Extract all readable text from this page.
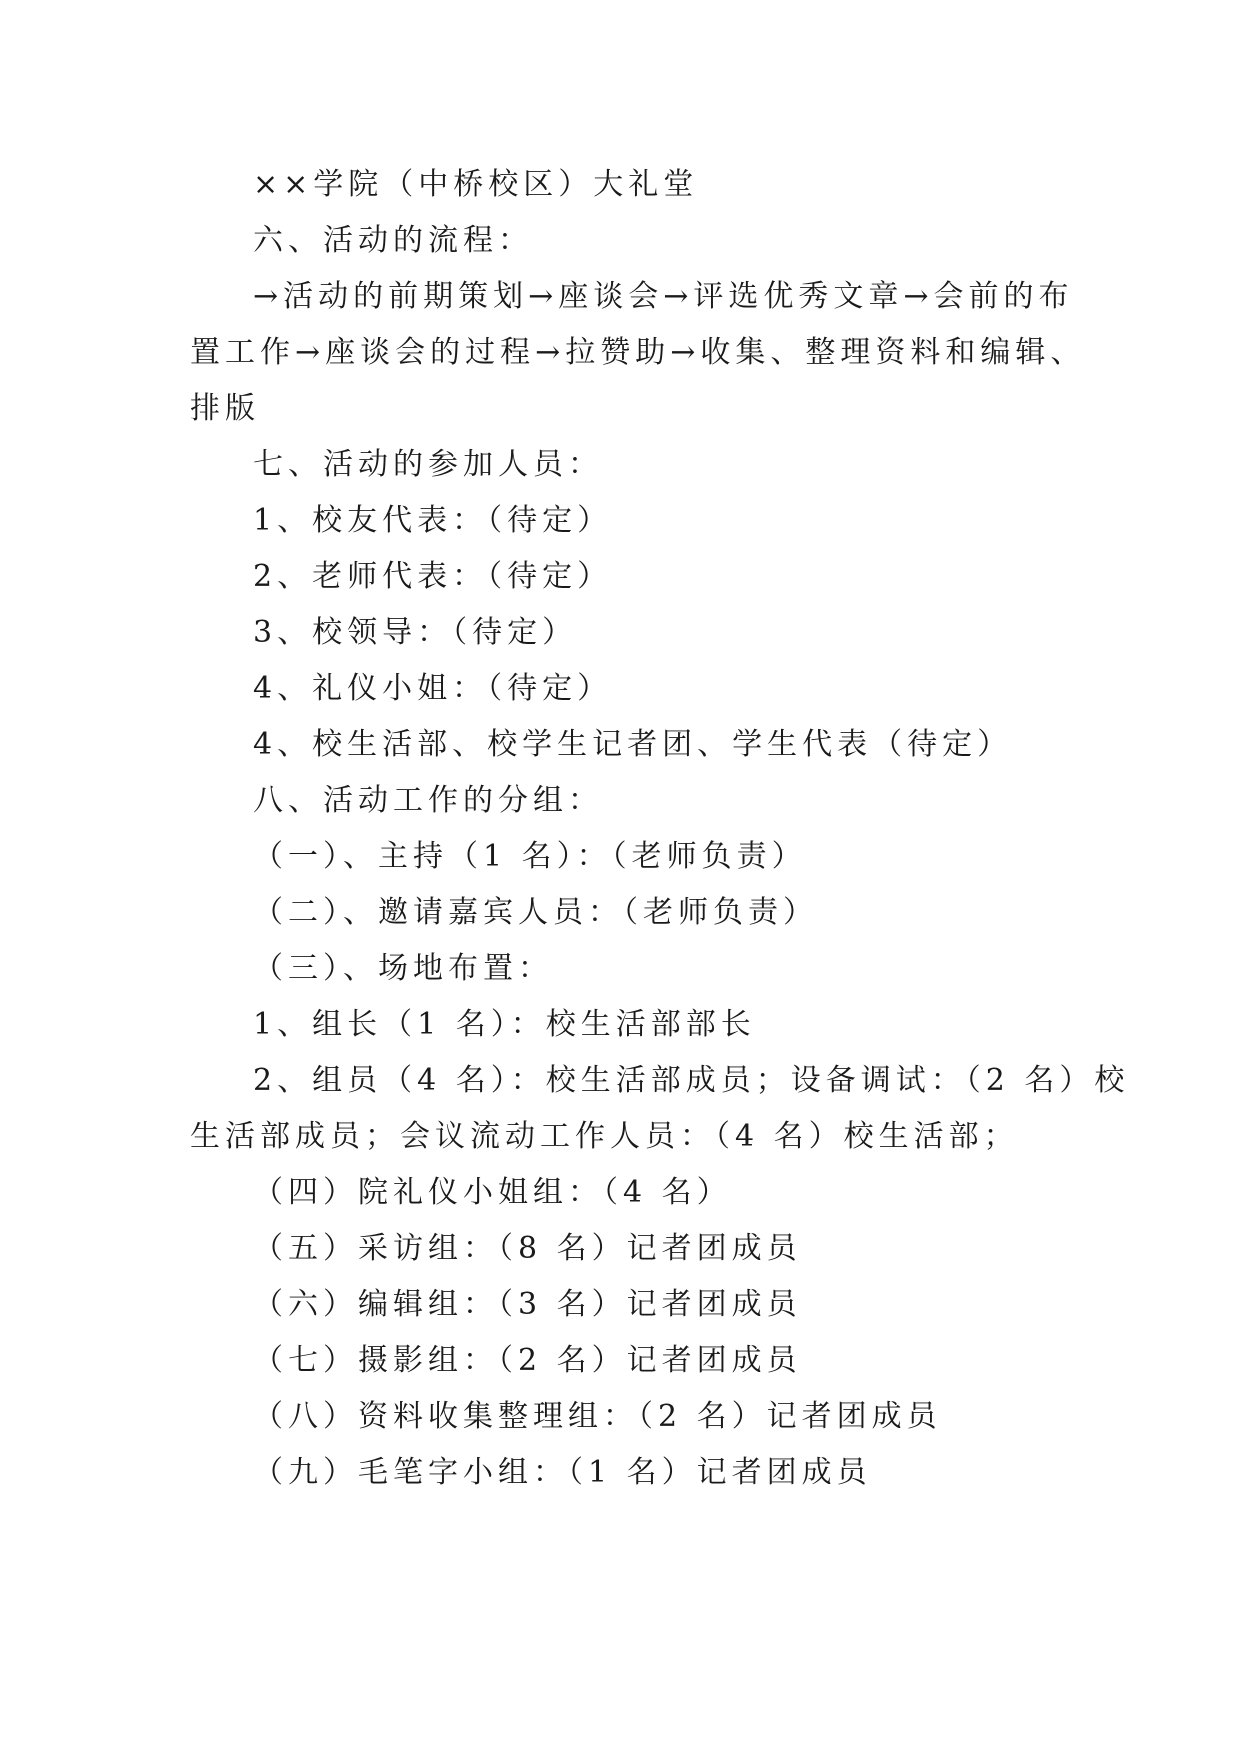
××学院（中桥校区）大礼堂
六、活动的流程：
→活动的前期策划→座谈会→评选优秀文章→会前的布
置工作→座谈会的过程→拉赞助→收集、整理资料和编辑、
排版
七、活动的参加人员：
1、校友代表：（待定）
2、老师代表：（待定）
3、校领导：（待定）
4、礼仪小姐：（待定）
4、校生活部、校学生记者团、学生代表（待定）
八、活动工作的分组：
（一）、主持（1 名）：（老师负责）
（二）、邀请嘉宾人员：（老师负责）
（三）、场地布置：
1、组长（1 名）：校生活部部长
2、组员（4 名）：校生活部成员；设备调试：（2 名）校
生活部成员；会议流动工作人员：（4 名）校生活部；
（四）院礼仪小姐组：（4 名）
（五）采访组：（8 名）记者团成员
（六）编辑组：（3 名）记者团成员
（七）摄影组：（2 名）记者团成员
（八）资料收集整理组：（2 名）记者团成员
（九）毛笔字小组：（1 名）记者团成员
